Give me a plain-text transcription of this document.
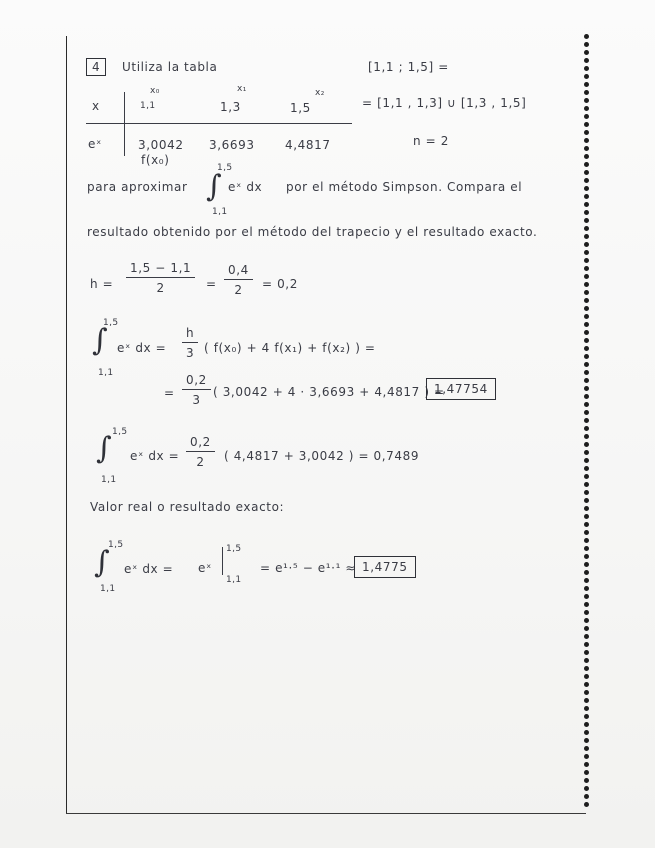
4	Utiliza la tabla	[1,1 ; 1,5] =
= [1,1 , 1,3] ∪ [1,3 , 1,5]
n = 2
x₀	x₁	x₂
x	1,1	1,3	1,5
eˣ	3,0042 3,6693	4,4817
f(x₀)
para aproximar
1,5
∫ eˣ dx
1,1
por el método Simpson. Compara el
resultado obtenido por el método del trapecio y el resultado exacto.
$h = \frac{1,5 - 1,1}{2} = \frac{0,4}{2} = 0,2$
1,5
∫ eˣ dx =
1,1
$\frac{h}{3}$ ( f(x₀) + 4 f(x₁) + f(x₂) ) =
= $\frac{0,2}{3}$ ( 3,0042 + 4 · 3,6693 + 4,4817 ) =
1,47754
1,5
∫ eˣ dx =
1,1
$\frac{0,2}{2}$ ( 4,4817 + 3,0042 ) = 0,7489
Valor real o resultado exacto:
1,5
∫ eˣ dx =
1,1
eˣ
1,5
1,1
= e¹·⁵ − e¹·¹ ≈ 1,4775
